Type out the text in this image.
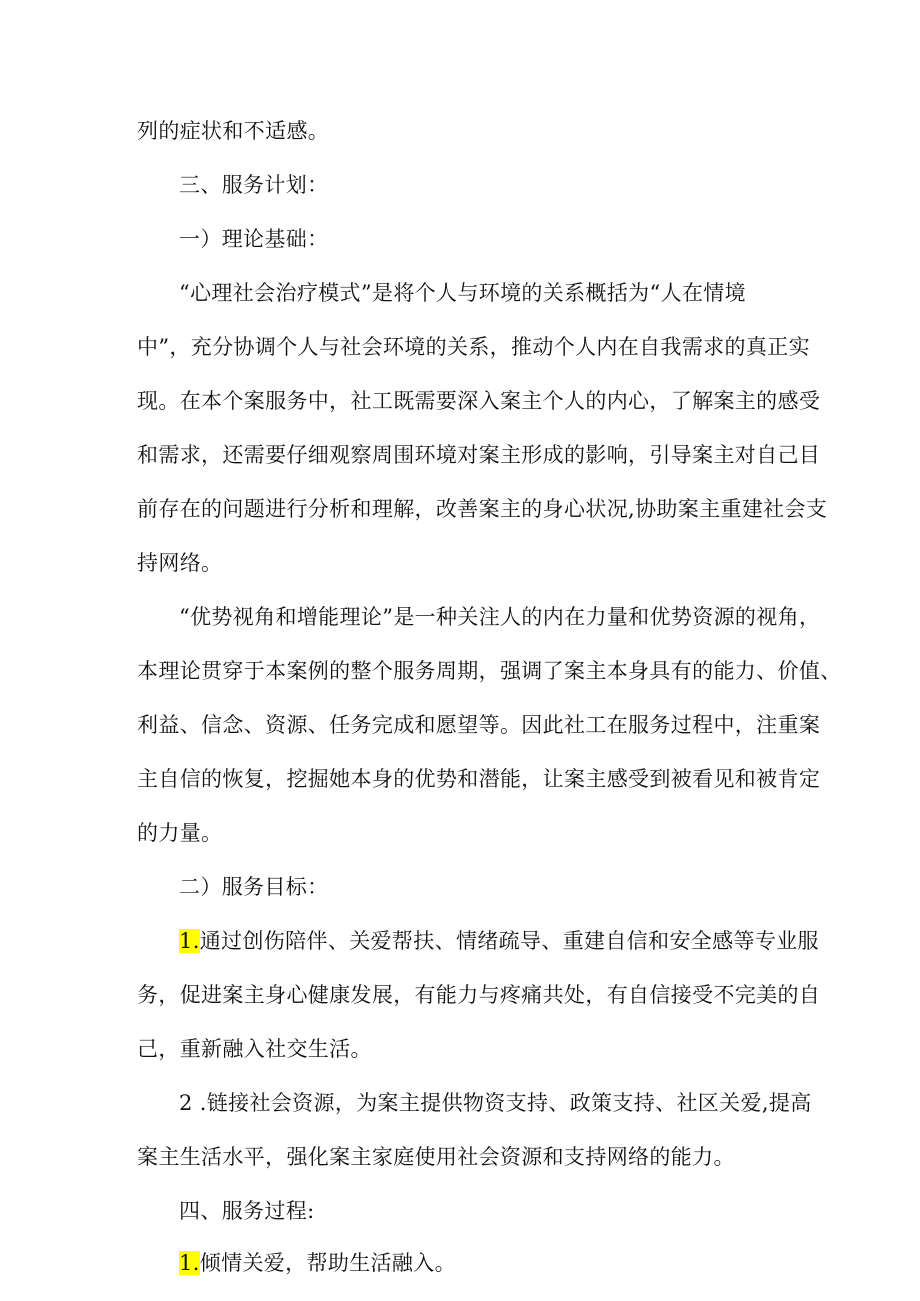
列的症状和不适感。
三、服务计划：
一）理论基础：
“心理社会治疗模式”是将个人与环境的关系概括为“人在情境
中”，充分协调个人与社会环境的关系，推动个人内在自我需求的真正实
现。在本个案服务中，社工既需要深入案主个人的内心，了解案主的感受
和需求，还需要仔细观察周围环境对案主形成的影响，引导案主对自己目
前存在的问题进行分析和理解，改善案主的身心状况,协助案主重建社会支
持网络。
“优势视角和增能理论”是一种关注人的内在力量和优势资源的视角，
本理论贯穿于本案例的整个服务周期，强调了案主本身具有的能力、价值、
利益、信念、资源、任务完成和愿望等。因此社工在服务过程中，注重案
主自信的恢复，挖掘她本身的优势和潜能，让案主感受到被看见和被肯定
的力量。
二）服务目标：
1.通过创伤陪伴、关爱帮扶、情绪疏导、重建自信和安全感等专业服
务，促进案主身心健康发展，有能力与疼痛共处，有自信接受不完美的自
己，重新融入社交生活。
2 .链接社会资源，为案主提供物资支持、政策支持、社区关爱,提高
案主生活水平，强化案主家庭使用社会资源和支持网络的能力。
四、服务过程:
1.倾情关爱，帮助生活融入。
